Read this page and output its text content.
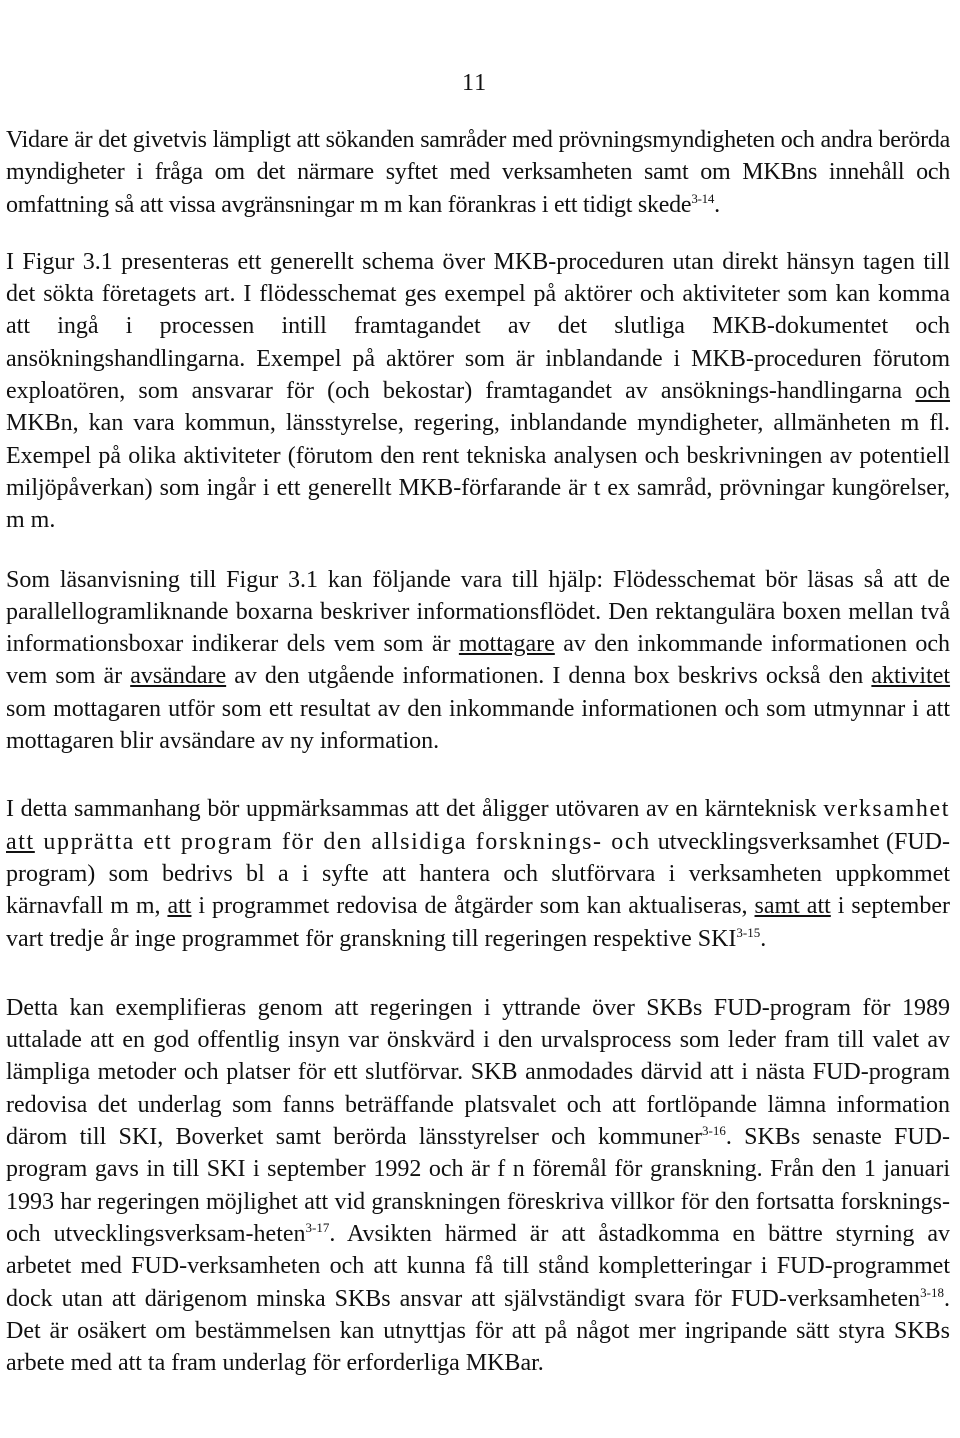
11

Vidare är det givetvis lämpligt att sökanden samråder med prövningsmyndigheten och andra berörda myndigheter i fråga om det närmare syftet med verksamheten samt om MKBns innehåll och omfattning så att vissa avgränsningar m m kan förankras i ett tidigt skede$^{3-14}$.

I Figur 3.1 presenteras ett generellt schema över MKB-proceduren utan direkt hänsyn tagen till det sökta företagets art. I flödesschemat ges exempel på aktörer och aktiviteter som kan komma att ingå i processen intill framtagandet av det slutliga MKB-dokumentet och ansökningshandlingarna. Exempel på aktörer som är inblandande i MKB-proceduren förutom exploatören, som ansvarar för (och bekostar) framtagandet av ansöknings-handlingarna och MKBn, kan vara kommun, länsstyrelse, regering, inblandande myndigheter, allmänheten m fl. Exempel på olika aktiviteter (förutom den rent tekniska analysen och beskrivningen av potentiell miljöpåverkan) som ingår i ett generellt MKB-förfarande är t ex samråd, prövningar kungörelser, m m.

Som läsanvisning till Figur 3.1 kan följande vara till hjälp: Flödesschemat bör läsas så att de parallellogramliknande boxarna beskriver informationsflödet. Den rektangulära boxen mellan två informationsboxar indikerar dels vem som är mottagare av den inkommande informationen och vem som är avsändare av den utgående informationen. I denna box beskrivs också den aktivitet som mottagaren utför som ett resultat av den inkommande informationen och som utmynnar i att mottagaren blir avsändare av ny information.

I detta sammanhang bör uppmärksammas att det åligger utövaren av en kärnteknisk verksamhet att upprätta ett program för den allsidiga forsknings- och utvecklingsverksamhet (FUD-program) som bedrivs bl a i syfte att hantera och slutförvara i verksamheten uppkommet kärnavfall m m, att i programmet redovisa de åtgärder som kan aktualiseras, samt att i september vart tredje år inge programmet för granskning till regeringen respektive SKI$^{3-15}$.

Detta kan exemplifieras genom att regeringen i yttrande över SKBs FUD-program för 1989 uttalade att en god offentlig insyn var önskvärd i den urvalsprocess som leder fram till valet av lämpliga metoder och platser för ett slutförvar. SKB anmodades därvid att i nästa FUD-program redovisa det underlag som fanns beträffande platsvalet och att fortlöpande lämna information därom till SKI, Boverket samt berörda länsstyrelser och kommuner$^{3-16}$. SKBs senaste FUD-program gavs in till SKI i september 1992 och är f n föremål för granskning. Från den 1 januari 1993 har regeringen möjlighet att vid granskningen föreskriva villkor för den fortsatta forsknings- och utvecklingsverksam-heten$^{3-17}$. Avsikten härmed är att åstadkomma en bättre styrning av arbetet med FUD-verksamheten och att kunna få till stånd kompletteringar i FUD-programmet dock utan att därigenom minska SKBs ansvar att självständigt svara för FUD-verksamheten$^{3-18}$. Det är osäkert om bestämmelsen kan utnyttjas för att på något mer ingripande sätt styra SKBs arbete med att ta fram underlag för erforderliga MKBar.
